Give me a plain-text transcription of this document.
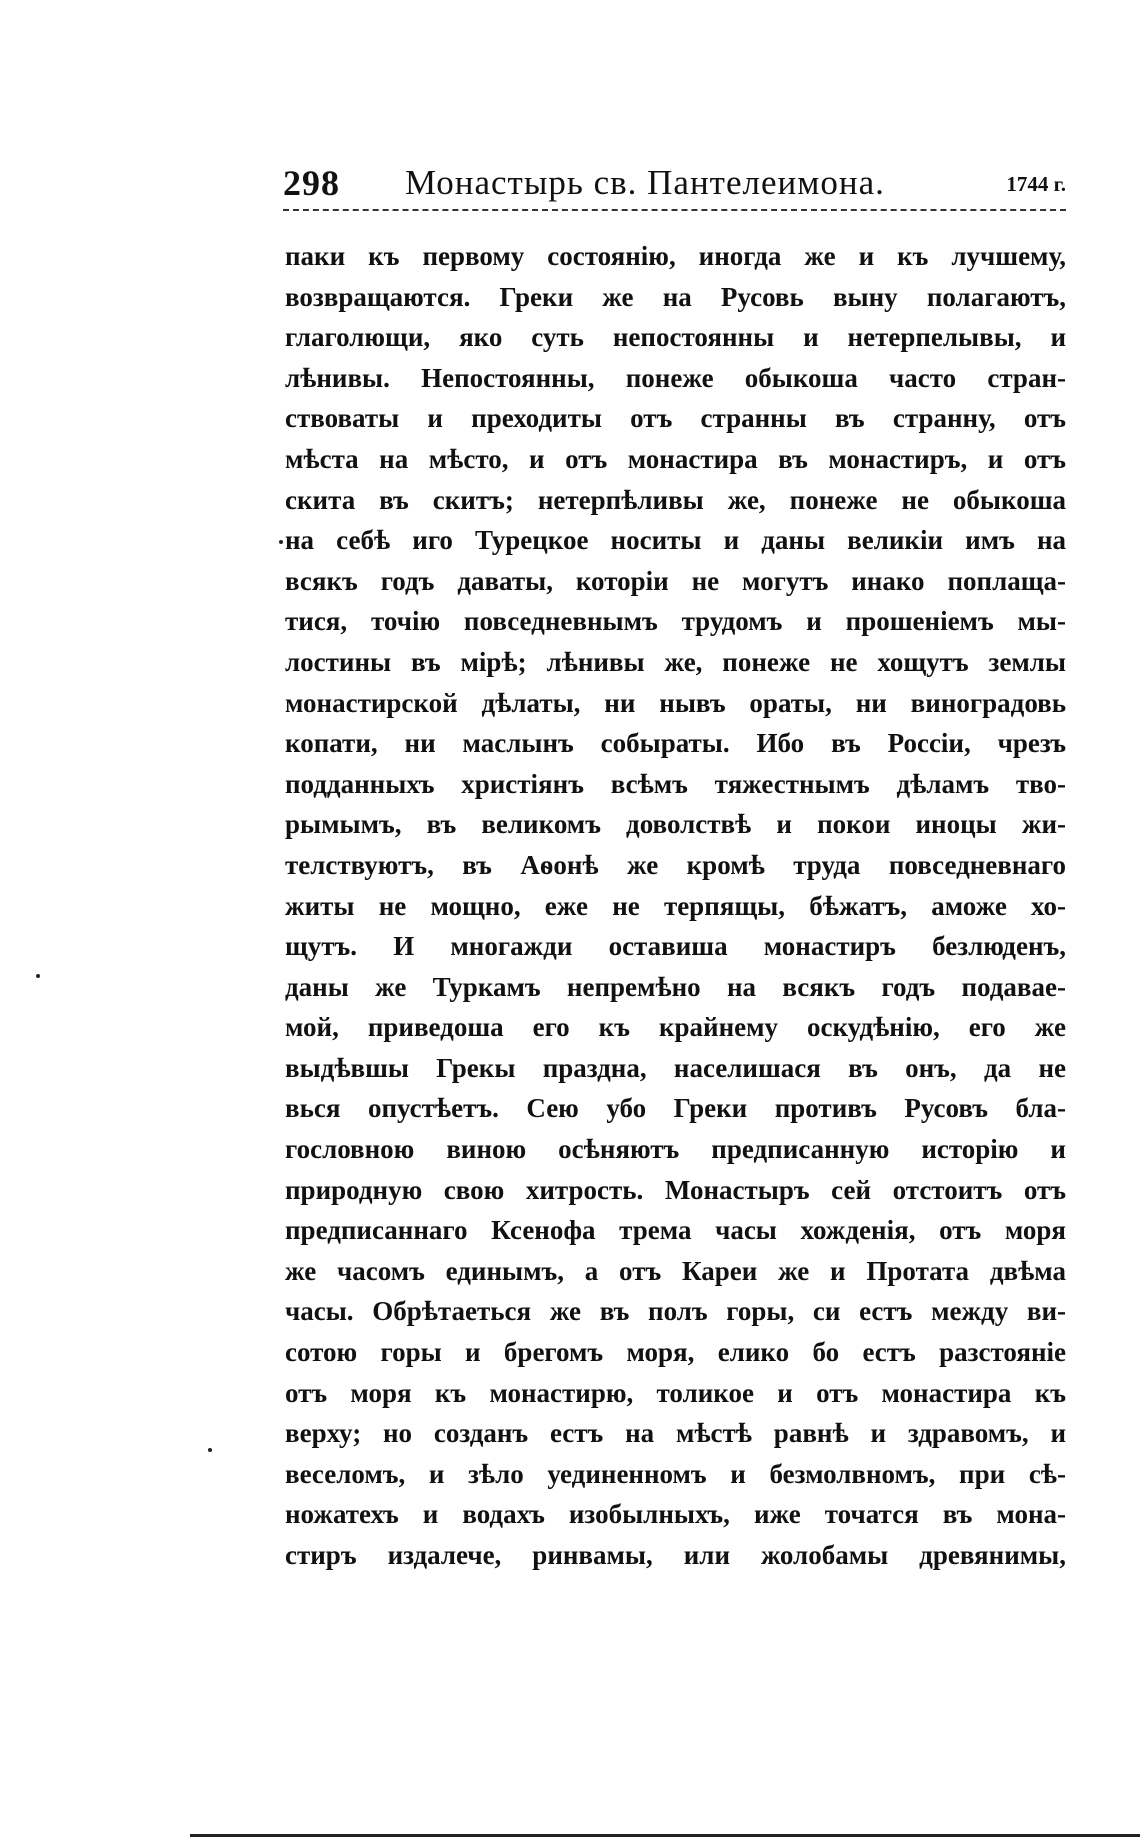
298 Монастырь св. Пантелеимона.	1744 г.
паки къ первому состоянію, иногда же и къ лучшему,
возвращаются. Греки же на Русовь выну полагаютъ,
глаголющи, яко суть непостоянны и нетерпелывы, и
лѣнивы. Непостоянны, понеже обыкоша часто стран-
ствоваты и преходиты отъ странны въ странну, отъ
мѣста на мѣсто, и отъ монастира въ монастиръ, и отъ
скита въ скитъ; нетерпѣливы же, понеже не обыкоша
на себѣ иго Турецкое носиты и даны великіи имъ на
всякъ годъ даваты, которіи не могутъ инако поплаща-
тися, точію повседневнымъ трудомъ и прошеніемъ мы-
лостины въ мірѣ; лѣнивы же, понеже не хощутъ землы
монастирской дѣлаты, ни нывъ ораты, ни винoградовь
копати, ни маслынъ собыраты. Ибо въ Россіи, чрезъ
подданныхъ христіянъ всѣмъ тяжестнымъ дѣламъ тво-
рымымъ, въ великомъ доволствѣ и покои иноцы жи-
телствуютъ, въ Аѳонѣ же кромѣ труда повседневнаго
житы не мощно, еже не терпящы, бѣжатъ, аможе хо-
щутъ. И многажди оставиша монастиръ безлюденъ,
даны же Туркамъ непремѣно на всякъ годъ подавае-
мой, приведоша его къ крайнему оскудѣнію, его же
выдѣвшы Грекы праздна, населишася въ онъ, да не
вься опустѣетъ. Сею убо Греки противъ Русовъ бла-
гословною виною осѣняютъ предписанную исторію и
природную свою хитрость. Монастыръ сей отстоитъ отъ
предписаннаго Ксенофа трема часы хожденія, отъ моря
же часомъ единымъ, а отъ Кареи же и Протата двѣма
часы. Обрѣтаеться же въ полъ горы, си естъ между ви-
сотою горы и брегомъ моря, елико бо естъ разстояніе
отъ моря къ монастирю, толикое и отъ монастира къ
верху; но созданъ естъ на мѣстѣ равнѣ и здравомъ, и
веселомъ, и зѣло уединенномъ и безмолвномъ, при сѣ-
ножатехъ и водахъ изобылныхъ, иже точатся въ мона-
стиръ издалече, ринвамы, или жолобамы древянимы,
